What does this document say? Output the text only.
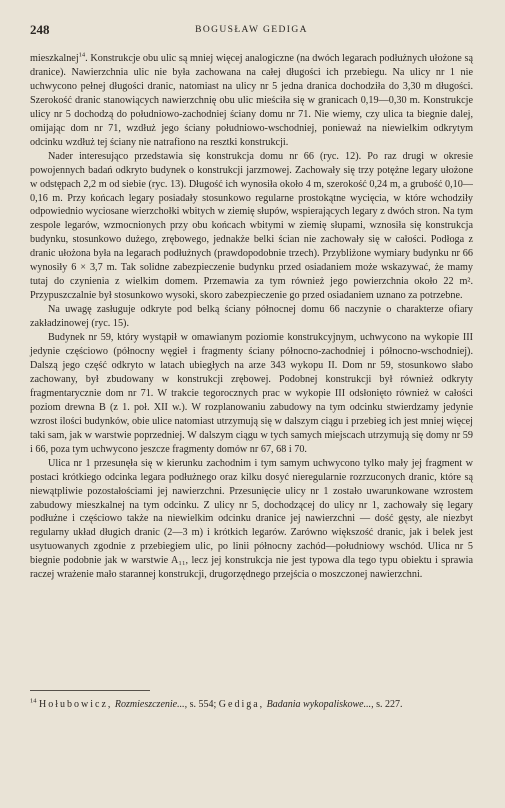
248	BOGUSŁAW GEDIGA

mieszkalnej$^{14}$. Konstrukcje obu ulic są mniej więcej analogiczne (na dwóch legarach podłużnych ułożone są dranice). Nawierzchnia ulic nie była zachowana na całej długości ich przebiegu. Na ulicy nr 1 nie uchwycono pełnej długości dranic, natomiast na ulicy nr 5 jedna dranica dochodziła do 3,30 m długości. Szerokość dranic stanowiących nawierzchnię obu ulic mieściła się w granicach 0,19—0,30 m. Konstrukcje ulicy nr 5 dochodzą do południowo-zachodniej ściany domu nr 71. Nie wiemy, czy ulica ta biegnie dalej, omijając dom nr 71, wzdłuż jego ściany południowo-wschodniej, ponieważ na niewielkim odkrytym odcinku wzdłuż tej ściany nie natrafiono na resztki konstrukcji.

Nader interesująco przedstawia się konstrukcja domu nr 66 (ryc. 12). Po raz drugi w okresie powojennych badań odkryto budynek o konstrukcji jarzmowej. Zachowały się trzy potężne legary ułożone w odstępach 2,2 m od siebie (ryc. 13). Długość ich wynosiła około 4 m, szerokość 0,24 m, a grubość 0,10—0,16 m. Przy końcach legary posiadały stosunkowo regularne prostokątne wycięcia, w które wchodziły odpowiednio wyciosane wierzchołki wbitych w ziemię słupów, wspierających legary z dwóch stron. Na tym zespole legarów, wzmocnionych przy obu końcach wbitymi w ziemię słupami, wznosiła się konstrukcja budynku, stosunkowo dużego, zrębowego, jednakże belki ścian nie zachowały się w całości. Podłoga z dranic ułożona była na legarach podłużnych (prawdopodobnie trzech). Przybliżone wymiary budynku nr 66 wynosiły 6 × 3,7 m. Tak solidne zabezpieczenie budynku przed osiadaniem może wskazywać, że mamy tutaj do czynienia z wielkim domem. Przemawia za tym również jego powierzchnia około 22 m². Przypuszczalnie był stosunkowo wysoki, skoro zabezpieczenie go przed osiadaniem uznano za potrzebne.

Na uwagę zasługuje odkryte pod belką ściany północnej domu 66 naczynie o charakterze ofiary zakładzinowej (ryc. 15).

Budynek nr 59, który wystąpił w omawianym poziomie konstrukcyjnym, uchwycono na wykopie III jedynie częściowo (północny węgieł i fragmenty ściany północno-zachodniej i północno-wschodniej). Dalszą jego część odkryto w latach ubiegłych na arze 343 wykopu II. Dom nr 59, stosunkowo słabo zachowany, był zbudowany w konstrukcji zrębowej. Podobnej konstrukcji był również odkryty fragmentarycznie dom nr 71. W trakcie tegorocznych prac w wykopie III odsłonięto również w całości poziom drewna B (z 1. poł. XII w.). W rozplanowaniu zabudowy na tym odcinku stwierdzamy jedynie wzrost ilości budynków, obie ulice natomiast utrzymują się w dalszym ciągu i przebieg ich jest mniej więcej taki sam, jak w warstwie poprzedniej. W dalszym ciągu w tych samych miejscach utrzymują się domy nr 59 i 66, poza tym uchwycono jeszcze fragmenty domów nr 67, 68 i 70.

Ulica nr 1 przesunęła się w kierunku zachodnim i tym samym uchwycono tylko mały jej fragment w postaci krótkiego odcinka legara podłużnego oraz kilku dosyć nieregularnie rozrzuconych dranic, które są niewątpliwie pozostałościami jej nawierzchni. Przesunięcie ulicy nr 1 zostało uwarunkowane wzrostem zabudowy mieszkalnej na tym odcinku. Z ulicy nr 5, dochodzącej do ulicy nr 1, zachowały się legary podłużne i częściowo także na niewielkim odcinku dranice jej nawierzchni — dość gęsty, ale niezbyt regularny układ długich dranic (2—3 m) i krótkich legarów. Zarówno większość dranic, jak i belek jest usytuowanych zgodnie z przebiegiem ulic, po linii północny zachód—południowy wschód. Ulica nr 5 biegnie podobnie jak w warstwie A₁₁, lecz jej konstrukcja nie jest typowa dla tego typu obiektu i sprawia raczej wrażenie mało starannej konstrukcji, drugorzędnego przejścia o moszczonej nawierzchni.

$^{14}$ Hołubowicz, Rozmieszczenie..., s. 554; Gediga, Badania wykopaliskowe..., s. 227.
